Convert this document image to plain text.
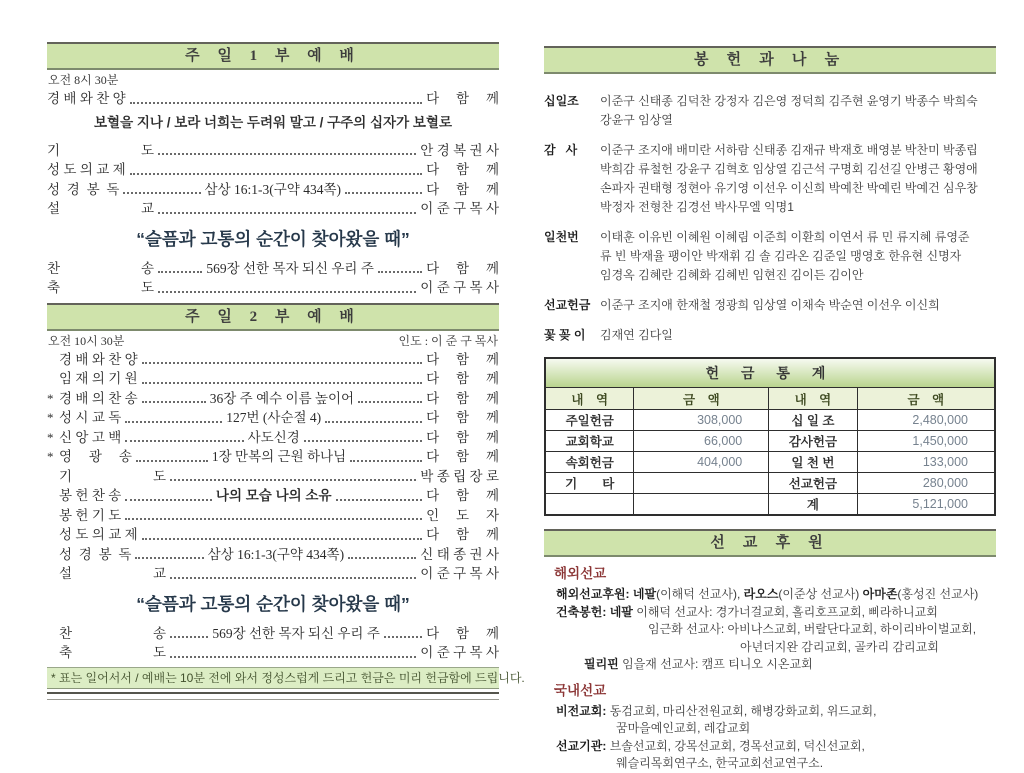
주 일 1 부 예 배
오전 8시 30분
경 배 와 찬 양	다　 함　 께
보혈을 지나 / 보라 너희는 두려워 말고 / 구주의 십자가 보혈로
기　　　　　　도	안 경 복 권 사
성 도 의 교 제	다　 함　 께
성  경  봉  독	삼상 16:1-3(구약 434쪽)	다　 함　 께
설　　　　　　교	이 준 구 목 사
“슬픔과 고통의 순간이 찾아왔을 때”
찬　　　　　　송	569장 선한 목자 되신 우리 주	다　 함　 께
축　　　　　　도	이 준 구 목 사
주 일 2 부 예 배
오전 10시 30분	인도 : 이 준 구 목사

경 배 와 찬 양	다　 함　 께

임 재 의 기 원	다　 함　 께
* 경 배 의 찬 송	36장 주 예수 이름 높이어	다　 함　 께
* 성 시 교 독	127번 (사순절 4)	다　 함　 께
* 신 앙 고 백	사도신경	다　 함　 께
* 영　 광　 송	1장 만복의 근원 하나님	다　 함　 께

기　　　　　　도	박 종 립 장 로

봉 헌 찬 송	나의 모습 나의 소유	다　 함　 께

봉 헌 기 도	인　 도　 자

성 도 의 교 제	다　 함　 께

성  경  봉  독	삼상 16:1-3(구약 434쪽)	신 태 종 권 사

설　　　　　　교	이 준 구 목 사
“슬픔과 고통의 순간이 찾아왔을 때”

찬　　　　　　송	569장 선한 목자 되신 우리 주	다　 함　 께

축　　　　　　도	이 준 구 목 사
* 표는 일어서서 / 예배는 10분 전에 와서 정성스럽게 드리고 헌금은 미리 헌금함에 드립니다.
봉 헌 과 나 눔
십일조	이준구 신태종 김덕찬 강정자 김은영 정덕희 김주현 윤영기 박종수 박희숙
강윤구 임상열
감   사	이준구 조지애 배미란 서하람 신태종 김재규 박재호 배영분 박찬미 박종립
박희감 류철헌 강윤구 김혁호 임상열 김근석 구명회 김선길 안병근 황영애
손파자 권태형 정현아 유기영 이선우 이신희 박예찬 박예린 박예건 심우창
박정자 전형찬 김경선 박사무엘 익명1
일천번	이태훈 이유빈 이혜원 이혜림 이준희 이환희 이연서 류 민 류지혜 류영준
류 빈 박재율 팽이안 박재휘 김 솔 김라온 김준일 맹영호 한유현 신명자
임경옥 김혜란 김혜화 김혜빈 임현진 김이든 김이안
선교헌금 이준구 조지애 한재철 정광희 임상열 이채숙 박순연 이선우 이신희
꽃 꽂 이	김재연 김다일
헌 금 통 계			
내　역	금　액	내　역	금　액
주일헌금	308,000	십 일 조	2,480,000
교회학교	66,000	감사헌금	1,450,000
속회헌금	404,000	일 천 번	133,000
기　　타		선교헌금	280,000
		계	5,121,000
선 교 후 원
해외선교
해외선교후원: 네팔(이해덕 선교사), 라오스(이준상 선교사) 아마존(홍성진 선교사)
건축봉헌: 네팔 이해덕 선교사: 경가너걸교회, 홀리호프교회, 삐라하니교회
임근화 선교사: 아비나스교회, 버랄단다교회, 하이리바이벌교회,
아년더지완 감리교회, 골카리 감리교회
필리핀 임을재 선교사: 캠프 티니오 시온교회
국내선교
비전교회: 동검교회, 마리산전원교회, 해병강화교회, 위드교회,
꿈마을예인교회, 레갑교회
선교기관: 브솔선교회, 강목선교회, 경목선교회, 덕신선교회,
웨슬리목회연구소, 한국교회선교연구소.
